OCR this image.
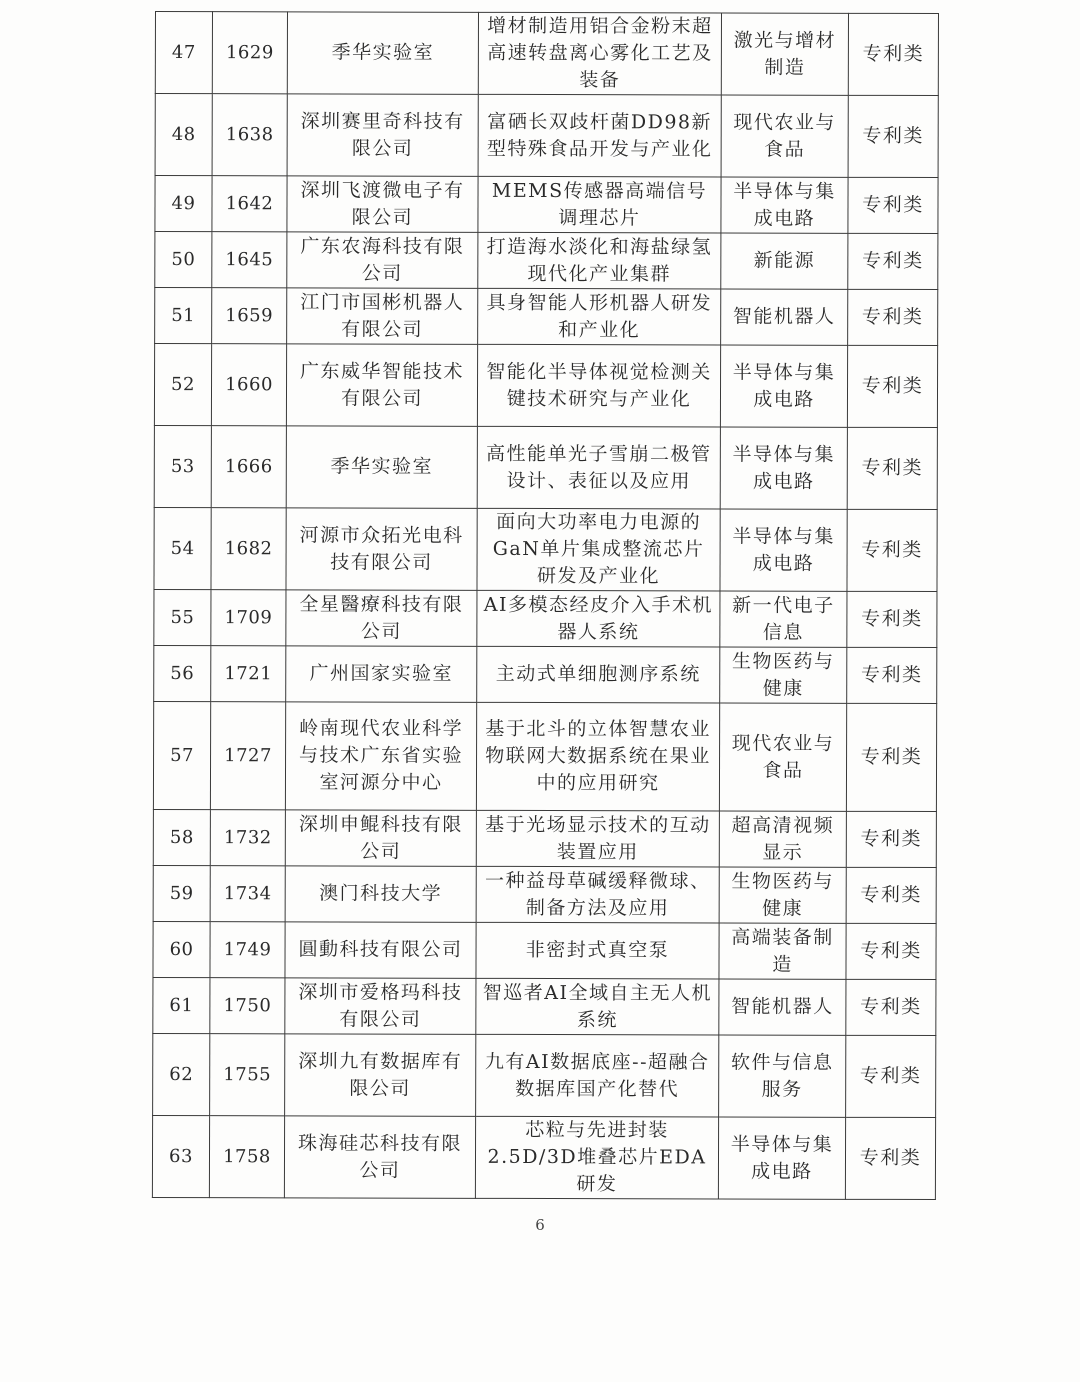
47	1629	季华实验室	增材制造用铝合金粉末超高速转盘离心雾化工艺及装备	激光与增材制造	专利类
48	1638	深圳赛里奇科技有限公司	富硒长双歧杆菌DD98新型特殊食品开发与产业化	现代农业与食品	专利类
49	1642	深圳飞渡微电子有限公司	MEMS传感器高端信号调理芯片	半导体与集成电路	专利类
50	1645	广东农海科技有限公司	打造海水淡化和海盐绿氢现代化产业集群	新能源	专利类
51	1659	江门市国彬机器人有限公司	具身智能人形机器人研发和产业化	智能机器人	专利类
52	1660	广东威华智能技术有限公司	智能化半导体视觉检测关键技术研究与产业化	半导体与集成电路	专利类
53	1666	季华实验室	高性能单光子雪崩二极管设计、表征以及应用	半导体与集成电路	专利类
54	1682	河源市众拓光电科技有限公司	面向大功率电力电源的GaN单片集成整流芯片研发及产业化	半导体与集成电路	专利类
55	1709	全星醫療科技有限公司	AI多模态经皮介入手术机器人系统	新一代电子信息	专利类
56	1721	广州国家实验室	主动式单细胞测序系统	生物医药与健康	专利类
57	1727	岭南现代农业科学与技术广东省实验室河源分中心	基于北斗的立体智慧农业物联网大数据系统在果业中的应用研究	现代农业与食品	专利类
58	1732	深圳申鲲科技有限公司	基于光场显示技术的互动装置应用	超高清视频显示	专利类
59	1734	澳门科技大学	一种益母草碱缓释微球、制备方法及应用	生物医药与健康	专利类
60	1749	圓動科技有限公司	非密封式真空泵	高端装备制造	专利类
61	1750	深圳市爱格玛科技有限公司	智巡者AI全域自主无人机系统	智能机器人	专利类
62	1755	深圳九有数据库有限公司	九有AI数据底座--超融合数据库国产化替代	软件与信息服务	专利类
63	1758	珠海硅芯科技有限公司	芯粒与先进封装2.5D/3D堆叠芯片EDA研发	半导体与集成电路	专利类
6
